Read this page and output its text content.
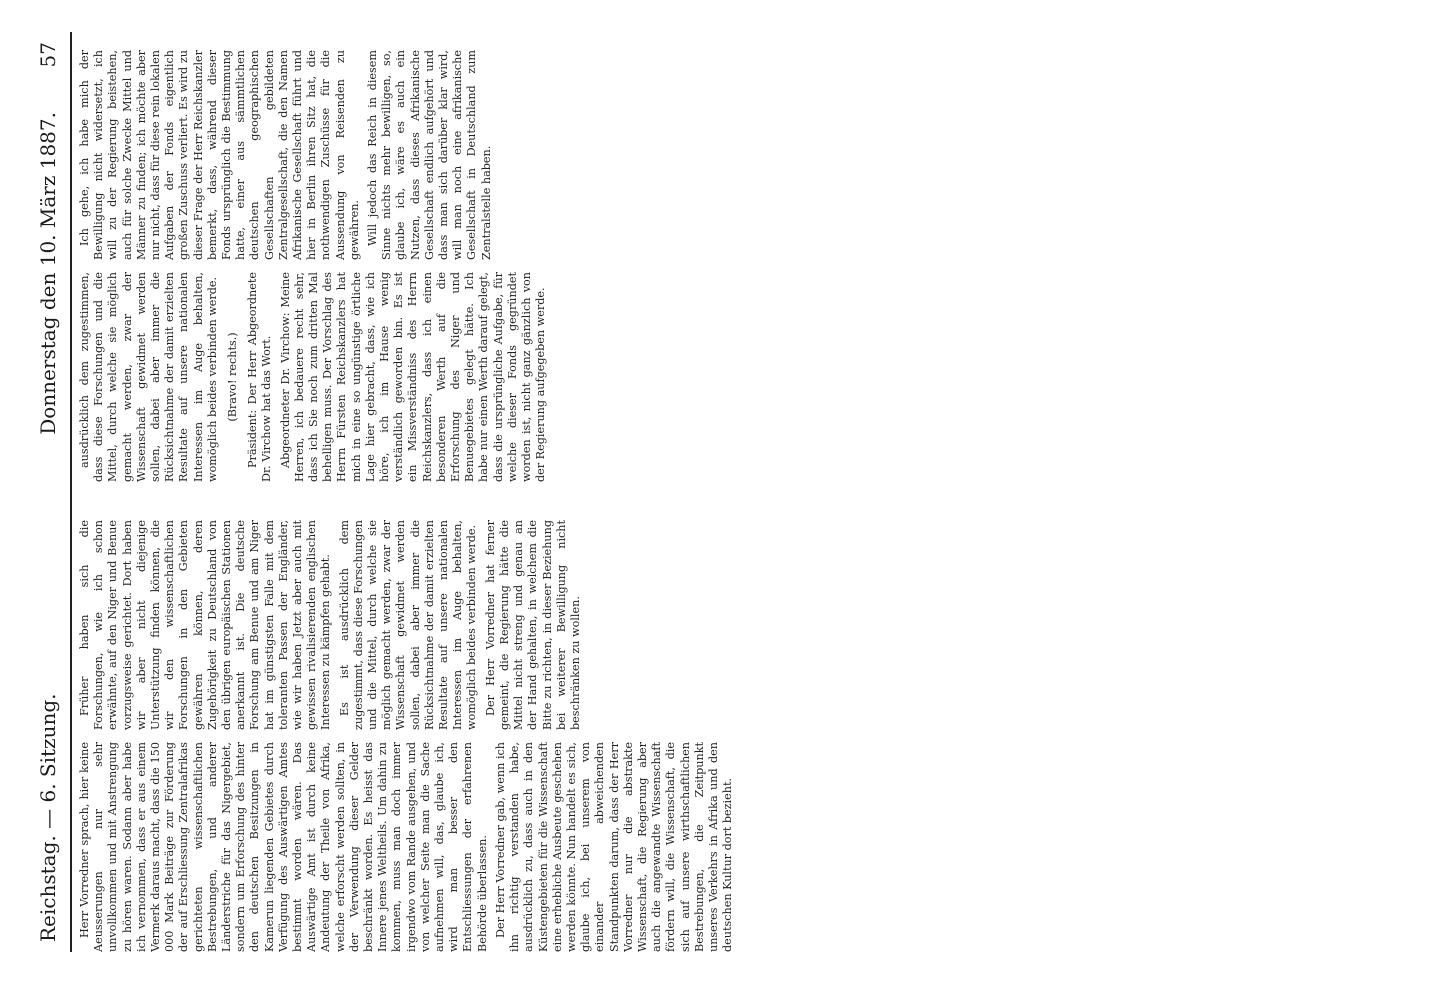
Reichstag. — 6. Sitzung.
Donnerstag den 10. März 1887.
57

Herr Vorredner sprach, hier keine Aeusserungen nur sehr unvollkommen und mit Anstrengung zu hören waren. Sodann aber habe ich vernommen, dass er aus einem Vermerk daraus macht, dass die 150 000 Mark Beiträge zur Förderung der auf Erschliessung Zentralafrikas gerichteten wissenschaftlichen Bestrebungen, und anderer Länderstriche für das Nigergebiet, sondern um Erforschung des hinter den deutschen Besitzungen in Kamerun liegenden Gebietes durch Verfügung des Auswärtigen Amtes bestimmt worden wären. Das Auswärtige Amt ist durch keine Andeutung der Theile von Afrika, welche erforscht werden sollten, in der Verwendung dieser Gelder beschränkt worden. Es heisst das Innere jenes Weltheils. Um dahin zu kommen, muss man doch immer irgendwo vom Rande ausgehen, und von welcher Seite man die Sache aufnehmen will, das, glaube ich, wird man besser den Entschliessungen der erfahrenen Behörde überlassen. Der Herr Vorredner gab, wenn ich ihn richtig verstanden habe, ausdrücklich zu, dass auch in den Küstengebieten für die Wissenschaft eine erhebliche Ausbeute geschehen werden könnte. Nun handelt es sich, glaube ich, bei unserem von einander abweichenden Standpunkten darum, dass der Herr Vorredner nur die abstrakte Wissenschaft, die Regierung aber auch die angewandte Wissenschaft fördern will, die Wissenschaft, die sich auf unsere wirthschaftlichen Bestrebungen, die Zeitpunkt unseres Verkehrs in Afrika und den deutschen Kultur dort bezieht.

Früher haben sich die Forschungen, wie ich schon erwähnte, auf den Niger und Benue vorzugsweise gerichtet. Dort haben wir aber nicht diejenige Unterstützung finden können, die wir den wissenschaftlichen Forschungen in den Gebieten gewähren können, deren Zugehörigkeit zu Deutschland von den übrigen europäischen Stationen anerkannt ist. Die deutsche Forschung am Benue und am Niger hat im günstigsten Falle mit dem toleranten Passen der Engländer, wie wir haben Jetzt aber auch mit gewissen rivalisierenden englischen Interessen zu kämpfen gehabt. Es ist ausdrücklich dem zugestimmt, dass diese Forschungen und die Mittel, durch welche sie möglich gemacht werden, zwar der Wissenschaft gewidmet werden sollen, dabei aber immer die Rücksichtnahme der damit erzielten Resultate auf unsere nationalen Interessen im Auge behalten, womöglich beides verbinden werde. Der Herr Vorredner hat ferner gemeint, die Regierung hätte die Mittel nicht streng und genau an der Hand gehalten, in welchem die Bitte zu richten, in dieser Beziehung bei weiterer Bewilligung nicht beschränken zu wollen.

ausdrücklich dem zugestimmen, dass diese Forschungen und die Mittel, durch welche sie möglich gemacht werden, zwar der Wissenschaft gewidmet werden sollen, dabei aber immer die Rücksichtnahme der damit erzielten Resultate auf unsere nationalen Interessen im Auge behalten, womöglich beides verbinden werde. (Bravo! rechts.) Präsident: Der Herr Abgeordnete Dr. Virchow hat das Wort. Abgeordneter Dr. Virchow: Meine Herren, ich bedauere recht sehr, dass ich Sie noch zum dritten Mal behelligen muss. Der Vorschlag des Herrn Fürsten Reichskanzlers hat mich in eine so ungünstige örtliche Lage hier gebracht, dass, wie ich höre, ich im Hause wenig verständlich geworden bin. Es ist ein Missverständniss des Herrn Reichskanzlers, dass ich einen besonderen Werth auf die Erforschung des Niger und Benuegebietes gelegt hätte. Ich habe nur einen Werth darauf gelegt, dass die ursprüngliche Aufgabe, für welche dieser Fonds gegründet worden ist, nicht ganz gänzlich von der Regierung aufgegeben werde.

Ich gehe, ich habe mich der Bewilligung nicht widersetzt, ich will zu der Regierung beistehen, auch für solche Zwecke Mittel und Männer zu finden; ich möchte aber nur nicht, dass für diese rein lokalen Aufgaben der Fonds eigentlich großen Zuschuss verliert. Es wird zu dieser Frage der Herr Reichskanzler bemerkt, dass, während dieser Fonds ursprünglich die Bestimmung hatte, einer aus sämmtlichen deutschen geographischen Gesellschaften gebildeten Zentralgesellschaft, die den Namen Afrikanische Gesellschaft führt und hier in Berlin ihren Sitz hat, die nothwendigen Zuschüsse für die Aussendung von Reisenden zu gewähren. Will jedoch das Reich in diesem Sinne nichts mehr bewilligen, so, glaube ich, wäre es auch ein Nutzen, dass dieses Afrikanische Gesellschaft endlich aufgehört und dass man sich darüber klar wird, will man noch eine afrikanische Gesellschaft in Deutschland zum Zentralstelle haben.
